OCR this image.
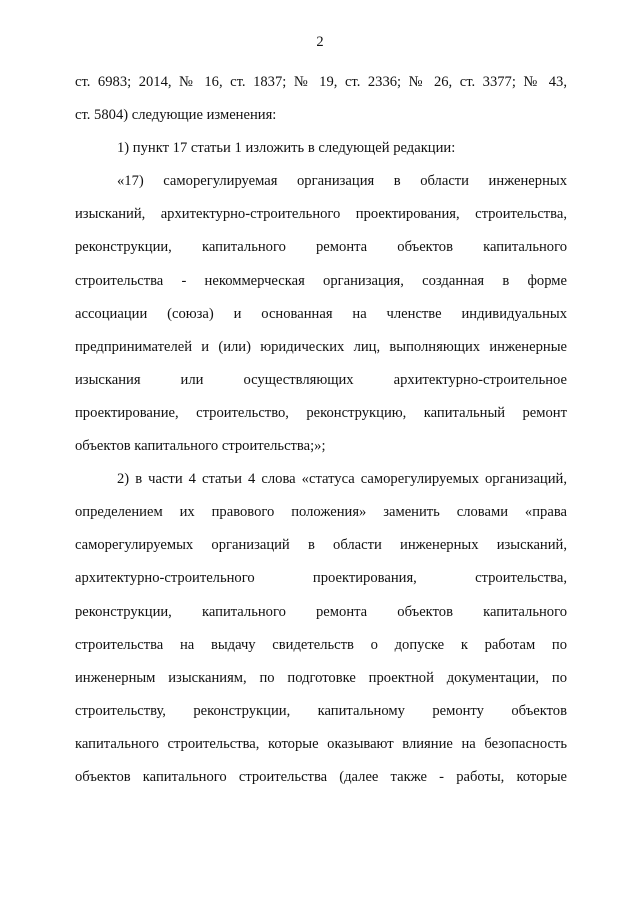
2
ст. 6983; 2014, № 16, ст. 1837; № 19, ст. 2336; № 26, ст. 3377; № 43,
ст. 5804) следующие изменения:
1) пункт 17 статьи 1 изложить в следующей редакции:
«17) саморегулируемая организация в области инженерных
изысканий, архитектурно-строительного проектирования, строительства,
реконструкции, капитального ремонта объектов капитального
строительства - некоммерческая организация, созданная в форме
ассоциации (союза) и основанная на членстве индивидуальных
предпринимателей и (или) юридических лиц, выполняющих инженерные
изыскания или осуществляющих архитектурно-строительное
проектирование, строительство, реконструкцию, капитальный ремонт
объектов капитального строительства;»;
2) в части 4 статьи 4 слова «статуса саморегулируемых организаций,
определением их правового положения» заменить словами «права
саморегулируемых организаций в области инженерных изысканий,
архитектурно-строительного проектирования, строительства,
реконструкции, капитального ремонта объектов капитального
строительства на выдачу свидетельств о допуске к работам по
инженерным изысканиям, по подготовке проектной документации, по
строительству, реконструкции, капитальному ремонту объектов
капитального строительства, которые оказывают влияние на безопасность
объектов капитального строительства (далее также - работы, которые
